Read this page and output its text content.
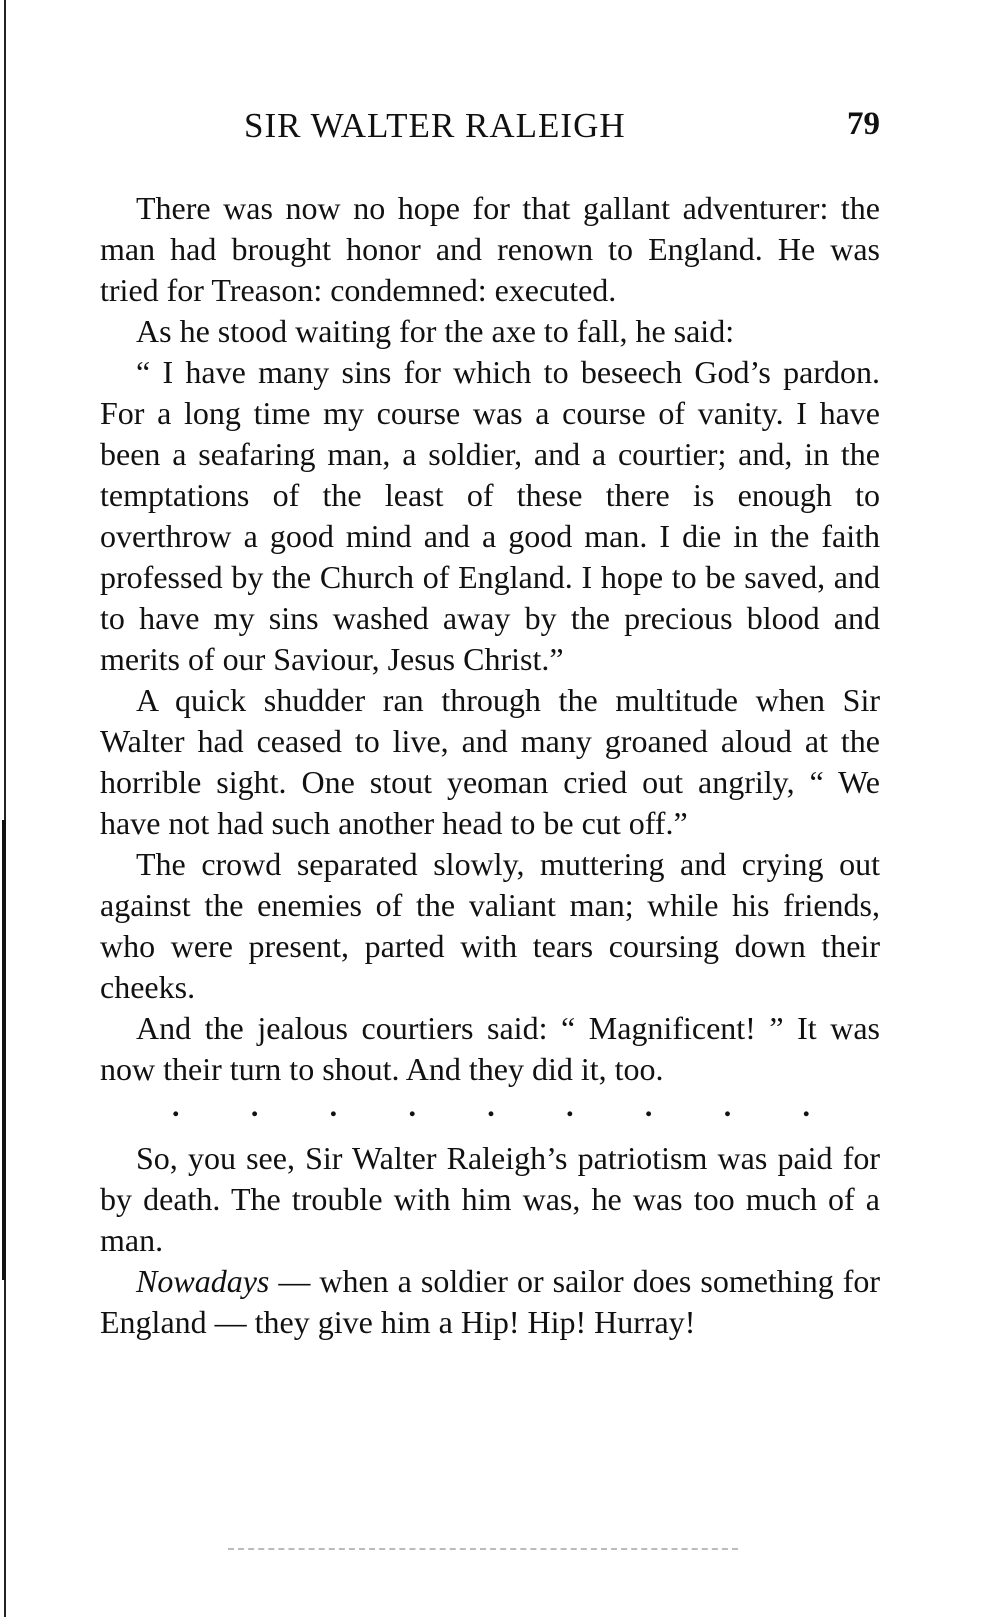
SIR WALTER RALEIGH	79

There was now no hope for that gallant adventurer: the man had brought honor and renown to England. He was tried for Treason: condemned: executed.

As he stood waiting for the axe to fall, he said:

“ I have many sins for which to beseech God’s pardon. For a long time my course was a course of vanity. I have been a seafaring man, a soldier, and a courtier; and, in the temptations of the least of these there is enough to overthrow a good mind and a good man. I die in the faith professed by the Church of England. I hope to be saved, and to have my sins washed away by the precious blood and merits of our Saviour, Jesus Christ.”

A quick shudder ran through the multitude when Sir Walter had ceased to live, and many groaned aloud at the horrible sight. One stout yeoman cried out angrily, “ We have not had such another head to be cut off.”

The crowd separated slowly, muttering and crying out against the enemies of the valiant man; while his friends, who were present, parted with tears coursing down their cheeks.

And the jealous courtiers said: “ Magnificent! ” It was now their turn to shout. And they did it, too.

. . . . . . . . .

So, you see, Sir Walter Raleigh’s patriotism was paid for by death. The trouble with him was, he was too much of a man.

Nowadays — when a soldier or sailor does something for England — they give him a Hip! Hip! Hurray!
